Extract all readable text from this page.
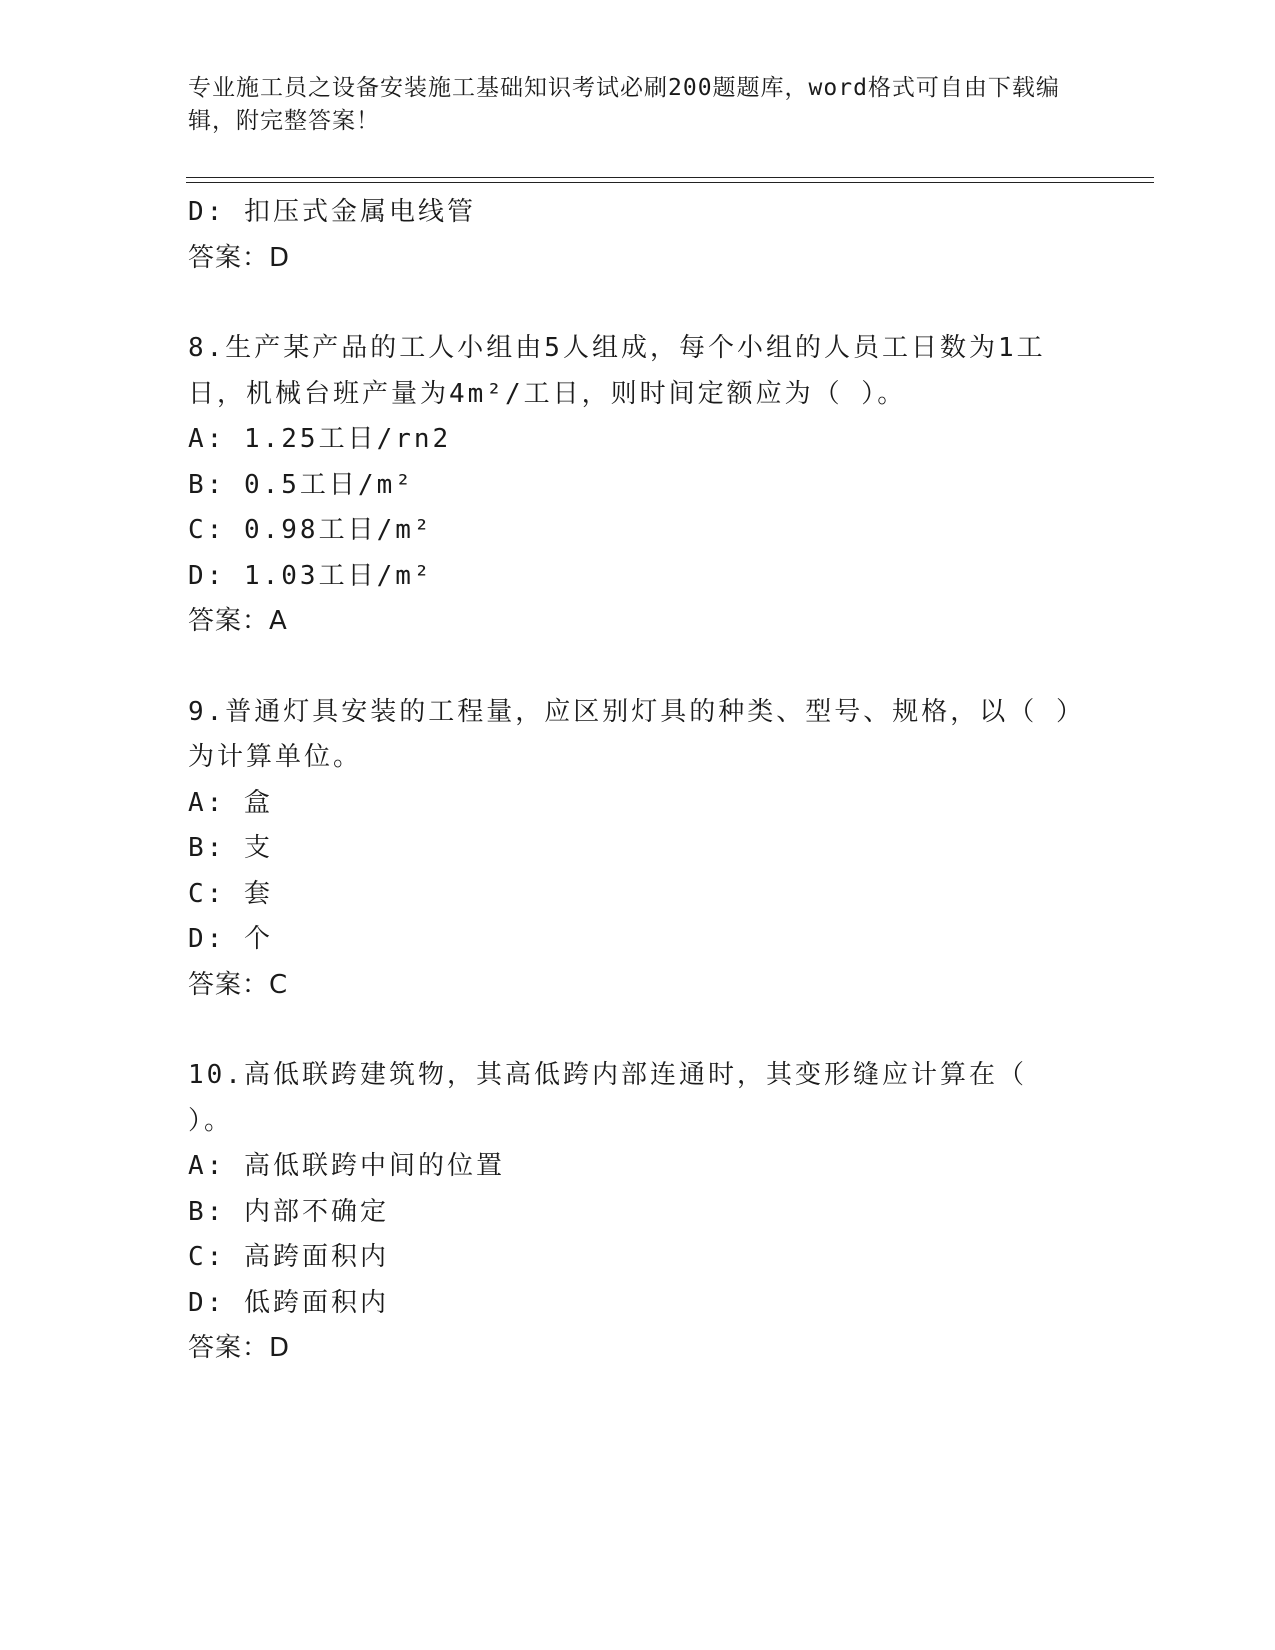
专业施工员之设备安装施工基础知识考试必刷200题题库，word格式可自由下载编辑，附完整答案！
D: 扣压式金属电线管
答案：D
8.生产某产品的工人小组由5人组成，每个小组的人员工日数为1工日，机械台班产量为4m²/工日，则时间定额应为（ ）。
A: 1.25工日/rn2
B: 0.5工日/m²
C: 0.98工日/m²
D: 1.03工日/m²
答案：A
9.普通灯具安装的工程量，应区别灯具的种类、型号、规格，以（ ）为计算单位。
A: 盒
B: 支
C: 套
D: 个
答案：C
10.高低联跨建筑物，其高低跨内部连通时，其变形缝应计算在（ ）。
A: 高低联跨中间的位置
B: 内部不确定
C: 高跨面积内
D: 低跨面积内
答案：D
